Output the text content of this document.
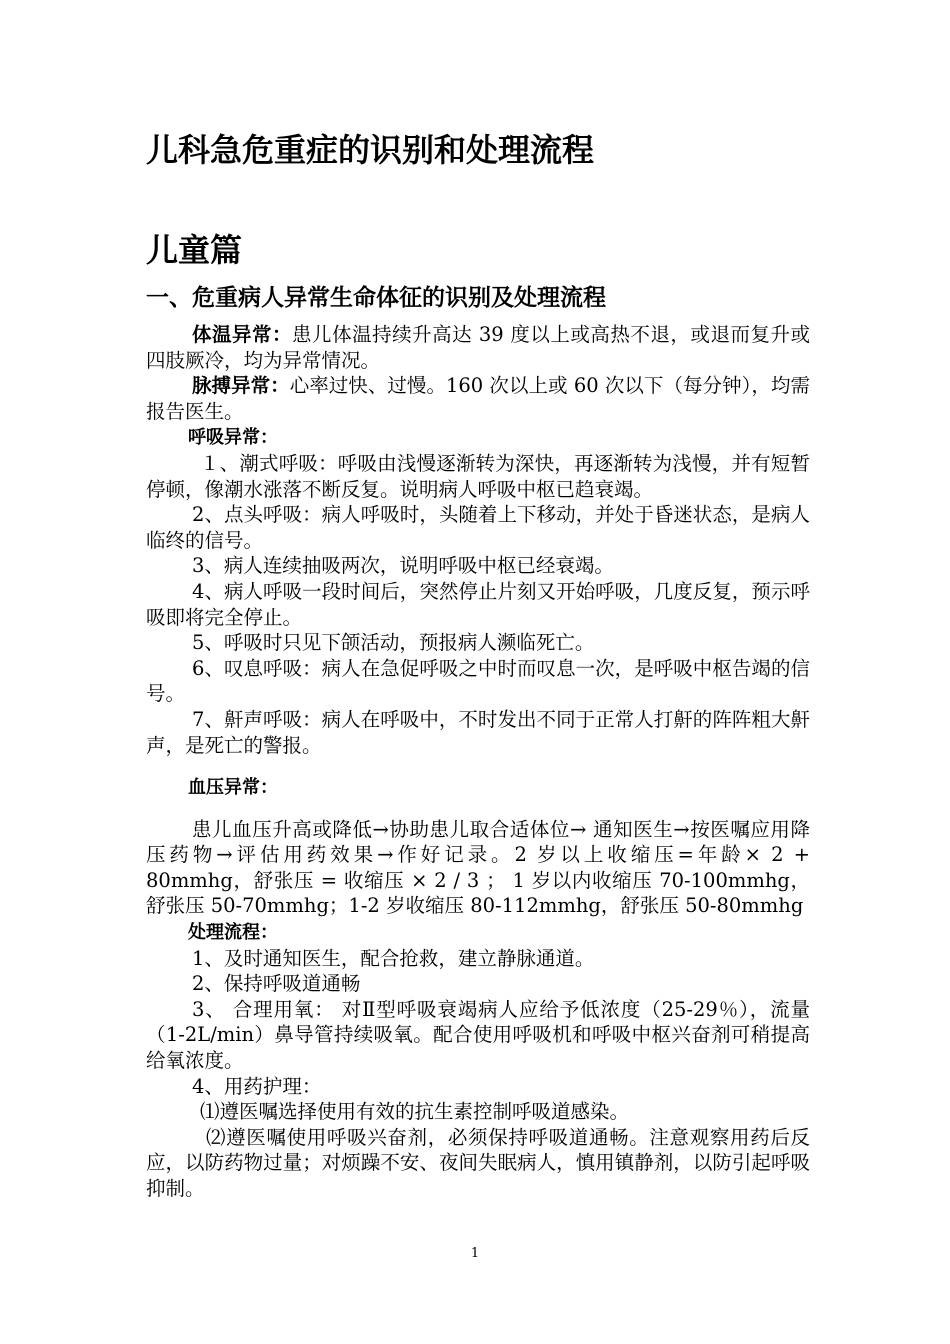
儿科急危重症的识别和处理流程
儿童篇
一、危重病人异常生命体征的识别及处理流程

体温异常：患儿体温持续升高达 39 度以上或高热不退，或退而复升或四肢厥冷，均为异常情况。

脉搏异常：心率过快、过慢。160 次以上或 60 次以下（每分钟），均需报告医生。

呼吸异常：

１、潮式呼吸：呼吸由浅慢逐渐转为深快，再逐渐转为浅慢，并有短暂停顿，像潮水涨落不断反复。说明病人呼吸中枢已趋衰竭。

2、点头呼吸：病人呼吸时，头随着上下移动，并处于昏迷状态，是病人临终的信号。

3、病人连续抽吸两次，说明呼吸中枢已经衰竭。

4、病人呼吸一段时间后，突然停止片刻又开始呼吸，几度反复，预示呼吸即将完全停止。

5、呼吸时只见下颌活动，预报病人濒临死亡。

6、叹息呼吸：病人在急促呼吸之中时而叹息一次，是呼吸中枢告竭的信号。

7、鼾声呼吸：病人在呼吸中，不时发出不同于正常人打鼾的阵阵粗大鼾声，是死亡的警报。

血压异常：

患儿血压升高或降低→协助患儿取合适体位→ 通知医生→按医嘱应用降压药物→评估用药效果→作好记录。2 岁以上收缩压=年龄× 2 + 80mmhg，舒张压 = 收缩压 × 2 / 3 ； 1 岁以内收缩压 70-100mmhg，舒张压 50-70mmhg；1-2 岁收缩压 80-112mmhg，舒张压 50-80mmhg

处理流程：

1、及时通知医生，配合抢救，建立静脉通道。

2、保持呼吸道通畅

3、 合理用氧： 对Ⅱ型呼吸衰竭病人应给予低浓度（25-29％），流量（1-2L/min）鼻导管持续吸氧。配合使用呼吸机和呼吸中枢兴奋剂可稍提高给氧浓度。

4、用药护理：

⑴遵医嘱选择使用有效的抗生素控制呼吸道感染。

⑵遵医嘱使用呼吸兴奋剂，必须保持呼吸道通畅。注意观察用药后反应，以防药物过量；对烦躁不安、夜间失眠病人，慎用镇静剂，以防引起呼吸抑制。

1
